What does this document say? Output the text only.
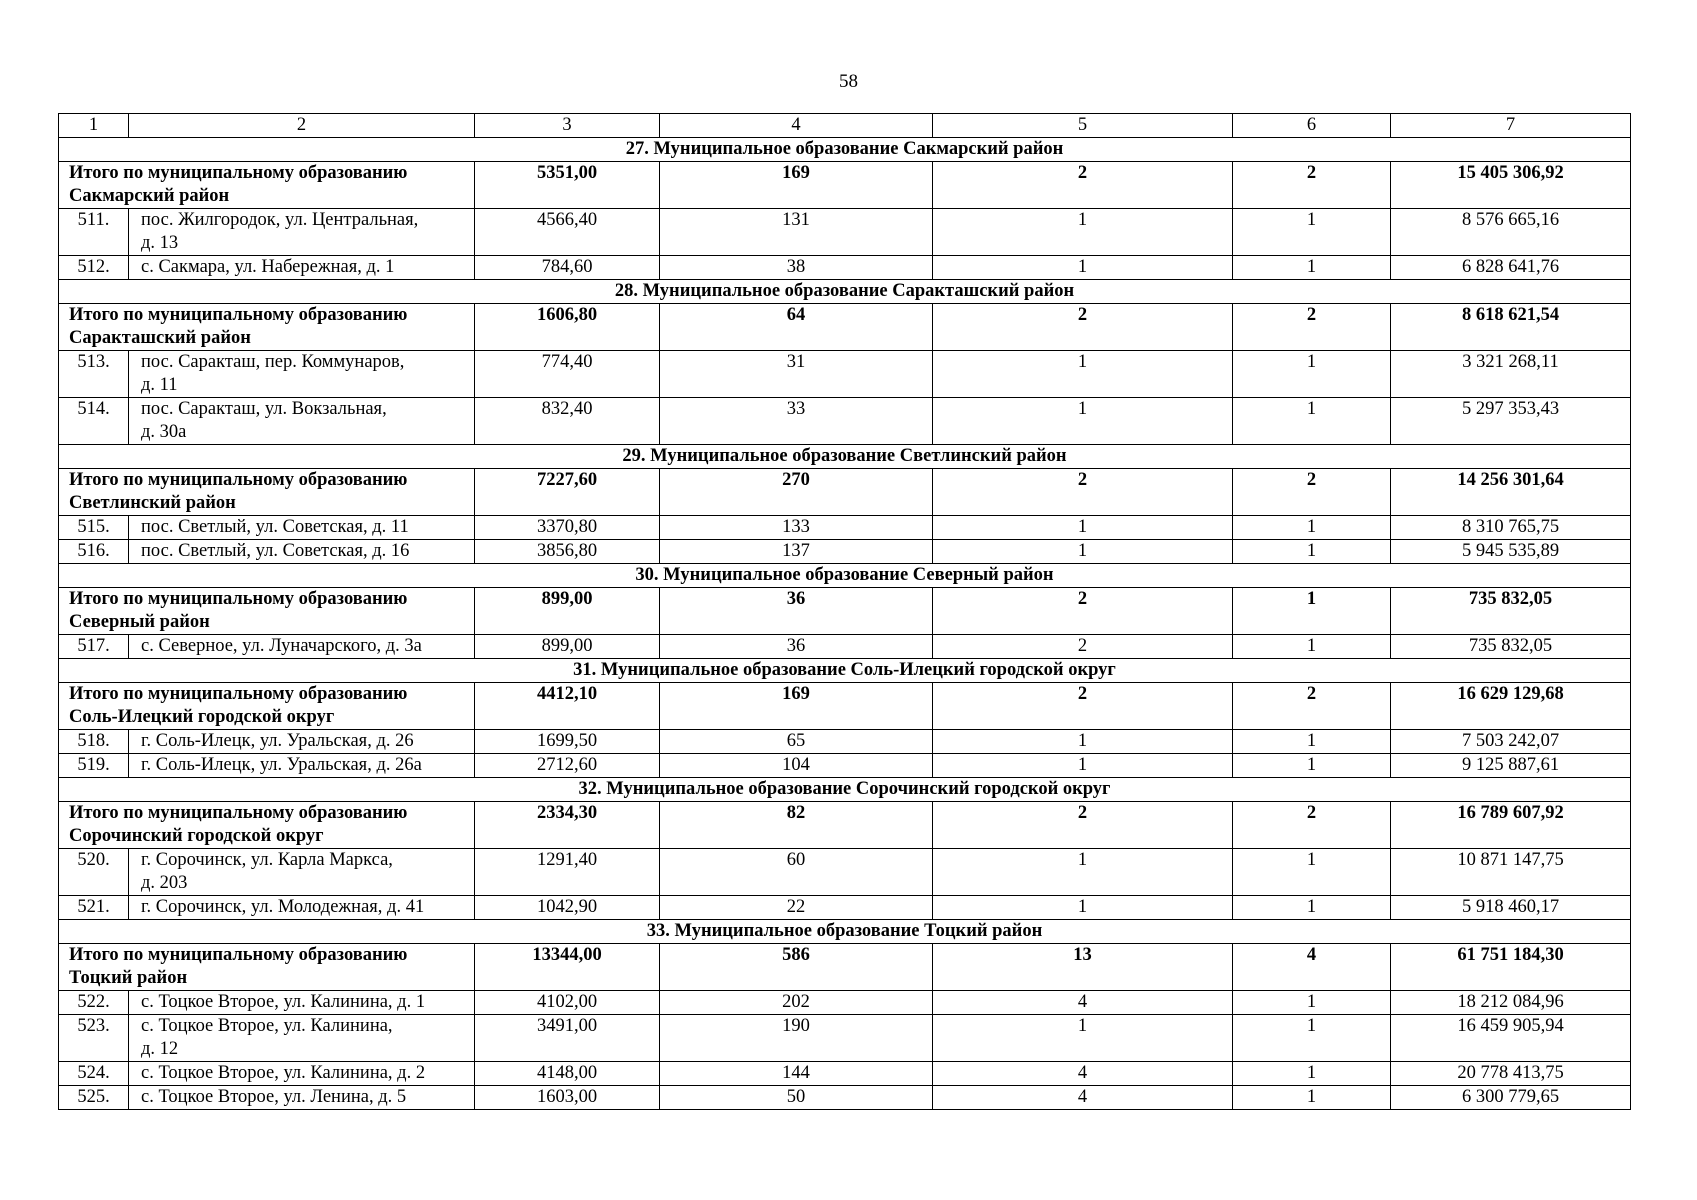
58
1	2	3	4	5	6	7
27. Муниципальное образование Сакмарский район						

Итого по муниципальному образованию
Сакмарский район		5351,00	169	2	2	15 405 306,92
511.	пос. Жилгородок, ул. Центральная,
д. 13	4566,40	131	1	1	8 576 665,16
512.	с. Сакмара, ул. Набережная, д. 1	784,60	38	1	1	6 828 641,76
28. Муниципальное образование Саракташский район						

Итого по муниципальному образованию
Саракташский район		1606,80	64	2	2	8 618 621,54
513.	пос. Саракташ, пер. Коммунаров,
д. 11	774,40	31	1	1	3 321 268,11
514.	пос. Саракташ, ул. Вокзальная,
д. 30а	832,40	33	1	1	5 297 353,43
29. Муниципальное образование Светлинский район						

Итого по муниципальному образованию
Светлинский район		7227,60	270	2	2	14 256 301,64
515.	пос. Светлый, ул. Советская, д. 11	3370,80	133	1	1	8 310 765,75
516.	пос. Светлый, ул. Советская, д. 16	3856,80	137	1	1	5 945 535,89
30. Муниципальное образование Северный район						

Итого по муниципальному образованию
Северный район		899,00	36	2	1	735 832,05
517.	с. Северное, ул. Луначарского, д. 3а	899,00	36	2	1	735 832,05
31. Муниципальное образование Соль-Илецкий городской округ						

Итого по муниципальному образованию
Соль-Илецкий городской округ		4412,10	169	2	2	16 629 129,68
518.	г. Соль-Илецк, ул. Уральская, д. 26	1699,50	65	1	1	7 503 242,07
519.	г. Соль-Илецк, ул. Уральская, д. 26а	2712,60	104	1	1	9 125 887,61
32. Муниципальное образование Сорочинский городской округ						

Итого по муниципальному образованию
Сорочинский городской округ		2334,30	82	2	2	16 789 607,92
520.	г. Сорочинск, ул. Карла Маркса,
д. 203	1291,40	60	1	1	10 871 147,75
521.	г. Сорочинск, ул. Молодежная, д. 41	1042,90	22	1	1	5 918 460,17
33. Муниципальное образование Тоцкий район						

Итого по муниципальному образованию
Тоцкий район		13344,00	586	13	4	61 751 184,30
522.	с. Тоцкое Второе, ул. Калинина, д. 1	4102,00	202	4	1	18 212 084,96
523.	с. Тоцкое Второе, ул. Калинина,
д. 12	3491,00	190	1	1	16 459 905,94
524.	с. Тоцкое Второе, ул. Калинина, д. 2	4148,00	144	4	1	20 778 413,75
525.	с. Тоцкое Второе, ул. Ленина, д. 5	1603,00	50	4	1	6 300 779,65
